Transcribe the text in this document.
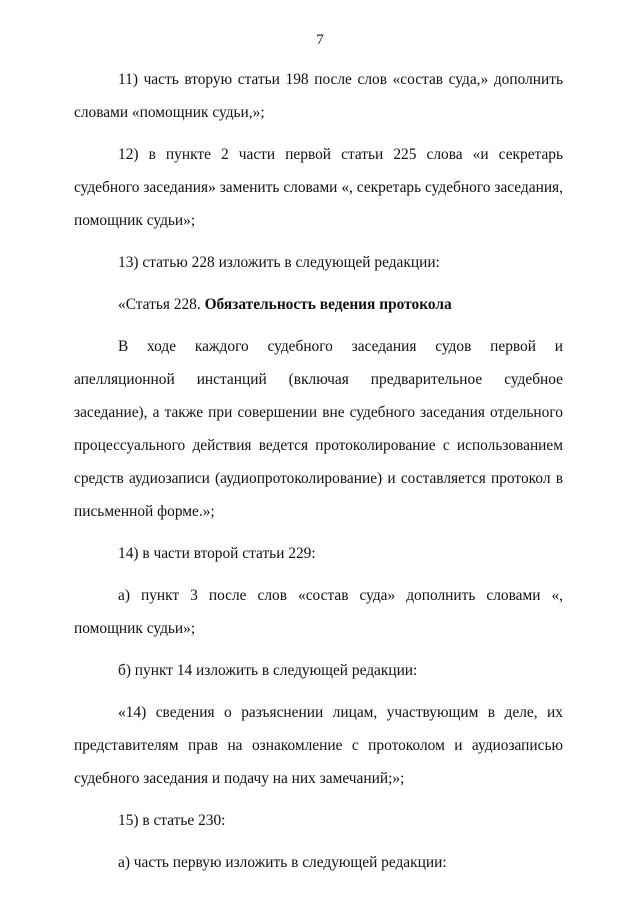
7

11) часть вторую статьи 198 после слов «состав суда,» дополнить словами «помощник судьи,»;

12) в пункте 2 части первой статьи 225 слова «и секретарь судебного заседания» заменить словами «, секретарь судебного заседания, помощник судьи»;

13) статью 228 изложить в следующей редакции:

«Статья 228. Обязательность ведения протокола

В ходе каждого судебного заседания судов первой и апелляционной инстанций (включая предварительное судебное заседание), а также при совершении вне судебного заседания отдельного процессуального действия ведется протоколирование с использованием средств аудиозаписи (аудиопротоколирование) и составляется протокол в письменной форме.»;

14) в части второй статьи 229:

а) пункт 3 после слов «состав суда» дополнить словами «, помощник судьи»;

б) пункт 14 изложить в следующей редакции:

«14) сведения о разъяснении лицам, участвующим в деле, их представителям прав на ознакомление с протоколом и аудиозаписью судебного заседания и подачу на них замечаний;»;

15) в статье 230:

а) часть первую изложить в следующей редакции:
